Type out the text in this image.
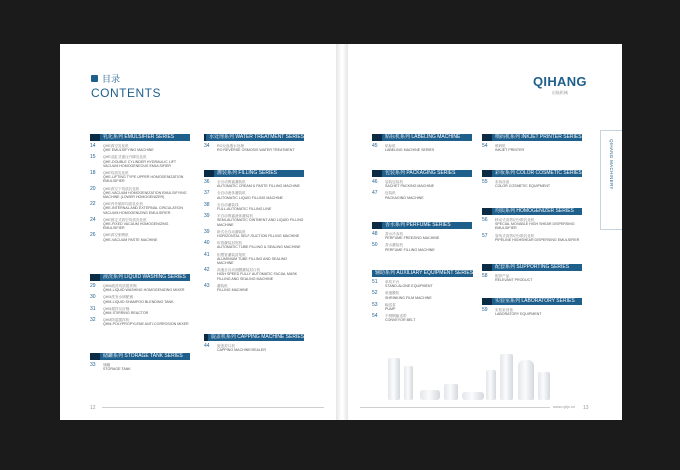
目录
CONTENTS
QIHANG
启航机械
QIHANG MACHINERY
乳化系列 EMULSIFIER SERIES
14	QHE真空乳化机
QHE EMULSIFYING MACHINE
15	QHE双缸式液压升降乳化机
QHE-DOUBLE CYLINDER HYDRAULIC LIFT VACUUM HOMOGENEOUS EMULSIFIER
18	QHE均质乳化机
QHE-LIFTING TYPE UPPER HOMOGENIZATION EMULSIFIER
20	QHE真空下均质乳化机
QHE-VACUUM HOMOGENIZATION EMULSIFYING MACHINE (LOWER HOMOGENIZER)
22	QHE内外循环均质乳化机
QHE-INTERNAL AND EXTERNAL CIRCULATION VACUUM HOMOGENIZING EMULSIFIER
24	QHE固定式真空均质乳化机
QHE-FIXED VACUUM HOMOGENIZING EMULSIFIER
26	QHE真空制膏机
QHE-VACUUM PASTE MACHINE
液洗系列 LIQUID WASHING SERIES
29	QHM液洗均质搅拌锅
QHM-LIQUID WASHING HOMOGENIZING MIXER
30	QHM洗发水调配锅
QHM-LIQUID SHAMPOO BLENDING TANK
31	QHM搅拌反应锅
QHM-STIRRING REACTOR
32	QHM防腐搅拌机
QHM-POLYPROPYLENE ANTI-CORROSION MIXER
储罐系列 STORAGE TANK SERIES
33	储罐
STORAGE TANK
水处理系列 WATER TREATMENT SERIES
34	RO反渗透水处理
RO REVERSE OSMOSIS WATER TREATMENT
灌装系列 FILLING SERIES
36	全自动膏霜灌装机
AUTOMATIC CREAM & PASTE FILLING MACHINE
37	全自动液体灌装机
AUTOMATIC LIQUID FILLING MACHINE
38	全自动灌装线
FULL-AUTOMATIC FILLING LINE
39	半自动膏霜液体灌装机
SEMI-AUTOMATIC OINTMENT AND LIQUID FILLING MACHINE
39	卧式全自动灌装机
HORIZONTAL SELF-SUCTION FILLING MACHINE
40	软管灌装封尾机
AUTOMATIC TUBE FILLING & SEALING MACHINE
41	铝塑管灌装封尾机
ALUMINIUM TUBE FILLING AND SEALING MACHINE
42	高速全自动面膜灌装封口机
HIGH SPEED FULLY AUTOMATIC FACIAL MASK FILLING AND SEALING MACHINE
43	灌装机
FILLING MACHINE
旋盖机系列 CAPPING MACHINE SERIES
44	旋盖封口机
CAPPING MACHINE/SEALER
贴标机系列 LABELING MACHINE
45	贴标机
LABELING MACHINE SERIES
包装系列 PACKAGING SERIES
46	袋装包装机
SACHET PACKING MACHINE
47	包装机
PACKAGING MACHINE
香水系列 PERFUME SERIES
48	香水冷冻机
PERFUME FREEZING MACHINE
50	香水灌装机
PERFUME FILLING MACHINE
辅助系列 AUXILIARY EQUIPMENT SERIES
51	单机平台
STAND-ALONE EQUIPMENT
52	收缩膜机
SHRINKING FILM MACHINE
53	输送泵
PUMP
54	不锈钢输送带
CONVEYOR BELT
喷码机系列 INKJET PRINTER SERIES
54	喷码机
INKJET PRINTER
彩妆系列 COLOR COSMETIC SERIES
55	彩妆设备
COLOR COSMETIC EQUIPMENT
均质系列 HOMOGENIZER SERIES
56	移动式高剪切分散乳化机
SPECIAL MOVABLE HIGH SHEAR DISPERSING EMULSIFIER
57	管线式高剪切分散乳化机
PIPELINE HIGHSHEAR DISPERSING EMULSIFIER
配套系列 SUPPORTING SERIES
58	配套产品
RELEVANT PRODUCT
实验室系列 LABORATORY SERIES
59	实验室设备
LABORATORY EQUIPMENT
12	www.qhjx.cn 13
